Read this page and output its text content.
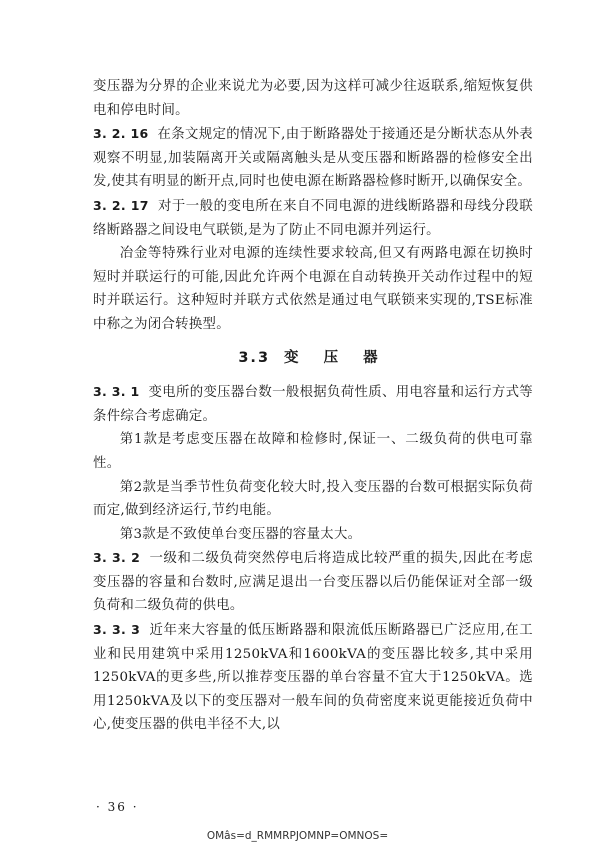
变压器为分界的企业来说尤为必要,因为这样可减少往返联系,缩短恢复供电和停电时间。

3. 2. 16 在条文规定的情况下,由于断路器处于接通还是分断状态从外表观察不明显,加装隔离开关或隔离触头是从变压器和断路器的检修安全出发,使其有明显的断开点,同时也使电源在断路器检修时断开,以确保安全。

3. 2. 17 对于一般的变电所在来自不同电源的进线断路器和母线分段联络断路器之间设电气联锁,是为了防止不同电源并列运行。

冶金等特殊行业对电源的连续性要求较高,但又有两路电源在切换时短时并联运行的可能,因此允许两个电源在自动转换开关动作过程中的短时并联运行。这种短时并联方式依然是通过电气联锁来实现的,TSE标准中称之为闭合转换型。

3.3 变 压 器

3. 3. 1 变电所的变压器台数一般根据负荷性质、用电容量和运行方式等条件综合考虑确定。

第1款是考虑变压器在故障和检修时,保证一、二级负荷的供电可靠性。

第2款是当季节性负荷变化较大时,投入变压器的台数可根据实际负荷而定,做到经济运行,节约电能。

第3款是不致使单台变压器的容量太大。

3. 3. 2 一级和二级负荷突然停电后将造成比较严重的损失,因此在考虑变压器的容量和台数时,应满足退出一台变压器以后仍能保证对全部一级负荷和二级负荷的供电。

3. 3. 3 近年来大容量的低压断路器和限流低压断路器已广泛应用,在工业和民用建筑中采用1250kVA和1600kVA的变压器比较多,其中采用1250kVA的更多些,所以推荐变压器的单台容量不宜大于1250kVA。选用1250kVA及以下的变压器对一般车间的负荷密度来说更能接近负荷中心,使变压器的供电半径不大,以

· 36 ·
OMâs=d_RMMRPJOMNP=OMNOS=
